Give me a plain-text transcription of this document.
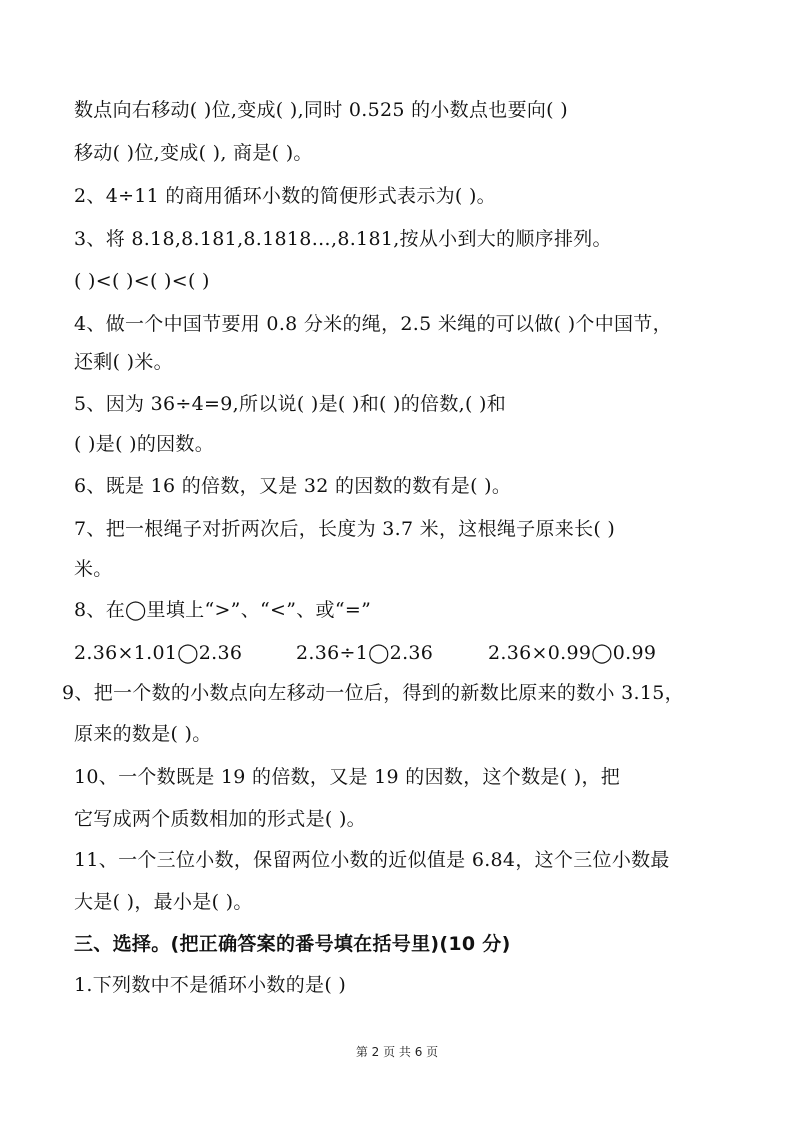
数点向右移动( )位,变成( ),同时 0.525 的小数点也要向( )
移动( )位,变成( ), 商是( )。
2、4÷11 的商用循环小数的简便形式表示为( )。
3、将 8.18,8.181,8.1818…,8.181,按从小到大的顺序排列。
( )<( )<( )<( )
4、做一个中国节要用 0.8 分米的绳，2.5 米绳的可以做( )个中国节，
还剩( )米。
5、因为 36÷4=9,所以说( )是( )和( )的倍数,( )和
( )是( )的因数。
6、既是 16 的倍数，又是 32 的因数的数有是( )。
7、把一根绳子对折两次后，长度为 3.7 米，这根绳子原来长( )
米。
8、在◯里填上“>”、“<”、或“=”
2.36×1.01◯2.36	2.36÷1◯2.36	2.36×0.99◯0.99
9、把一个数的小数点向左移动一位后，得到的新数比原来的数小 3.15，
原来的数是( )。
10、一个数既是 19 的倍数，又是 19 的因数，这个数是( )，把
它写成两个质数相加的形式是( )。
11、一个三位小数，保留两位小数的近似值是 6.84，这个三位小数最
大是( )，最小是( )。
三、选择。(把正确答案的番号填在括号里)(10 分)
1.下列数中不是循环小数的是( )
第 2 页 共 6 页
